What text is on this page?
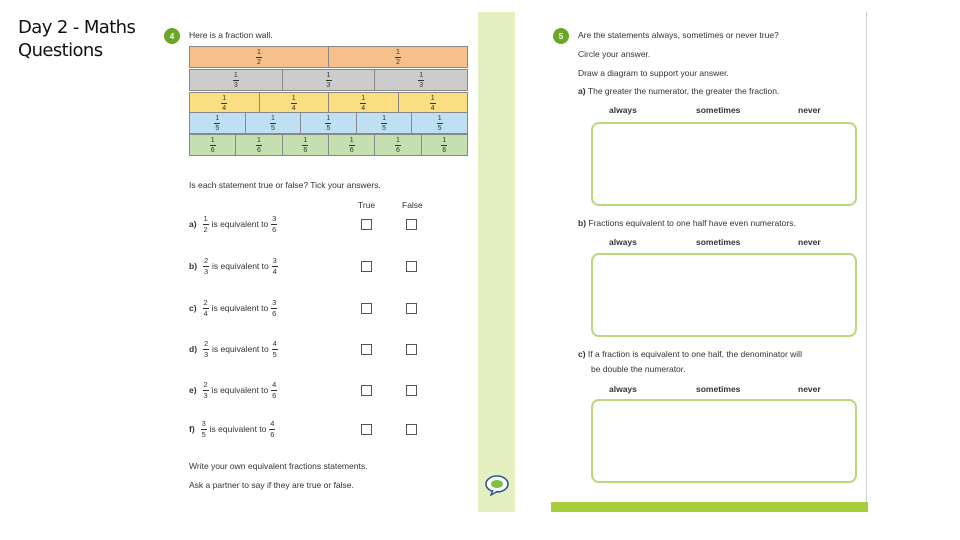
Day 2 - Maths Questions
4	Here is a fraction wall.
$\frac{1}{2}$	$\frac{1}{2}$
$\frac{1}{3}$	$\frac{1}{3}$	$\frac{1}{3}$
$\frac{1}{4}$	$\frac{1}{4}$	$\frac{1}{4}$	$\frac{1}{4}$
$\frac{1}{5}$	$\frac{1}{5}$	$\frac{1}{5}$	$\frac{1}{5}$	$\frac{1}{5}$
$\frac{1}{6}$	$\frac{1}{6}$	$\frac{1}{6}$	$\frac{1}{6}$	$\frac{1}{6}$	$\frac{1}{6}$
Is each statement true or false? Tick your answers.
True	False
$a) \frac{1}{2}$ is equivalent to $\frac{3}{6}$
$b) \frac{2}{3}$ is equivalent to $\frac{3}{4}$
$c) \frac{2}{4}$ is equivalent to $\frac{3}{6}$
$d) \frac{2}{3}$ is equivalent to $\frac{4}{5}$
$e) \frac{2}{3}$ is equivalent to $\frac{4}{6}$
$f) \frac{3}{5}$ is equivalent to $\frac{4}{6}$
Write your own equivalent fractions statements.
Ask a partner to say if they are true or false.
5	Are the statements always, sometimes or never true?
Circle your answer.
Draw a diagram to support your answer.
a) The greater the numerator, the greater the fraction.
always	sometimes	never
b) Fractions equivalent to one half have even numerators.
always	sometimes	never
c) If a fraction is equivalent to one half, the denominator will
be double the numerator.
always	sometimes	never
